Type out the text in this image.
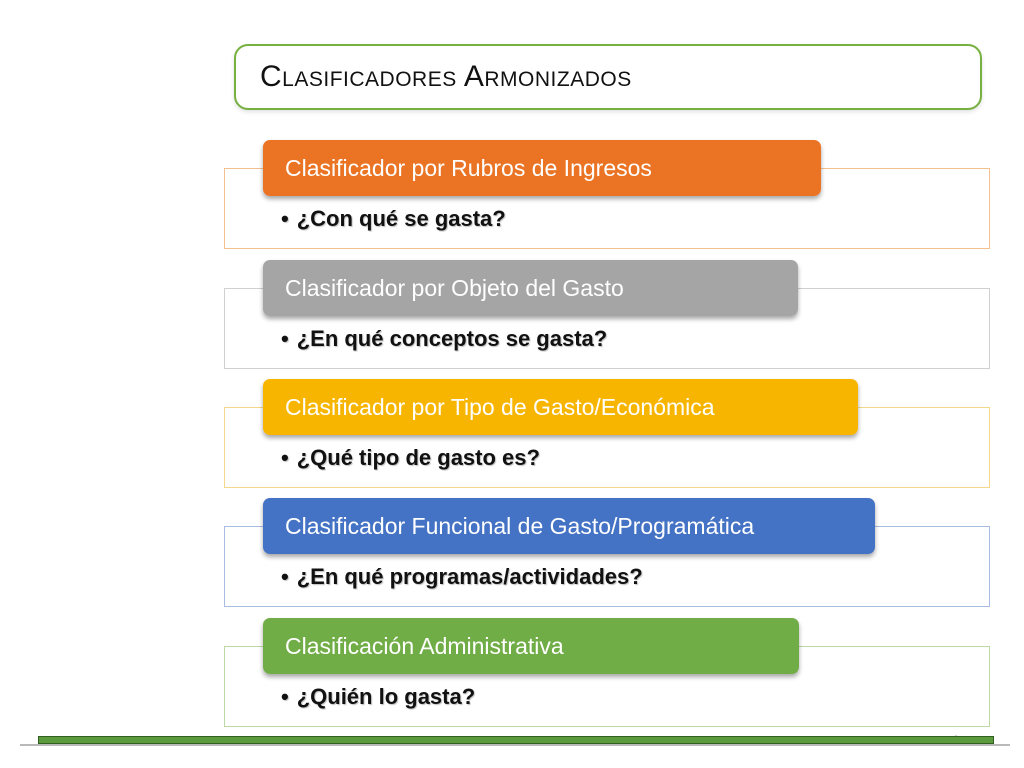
Clasificadores Armonizados
Clasificador por Rubros de Ingresos
• ¿Con qué se gasta?
Clasificador por Objeto del Gasto
• ¿En qué conceptos se gasta?
Clasificador por Tipo de Gasto/Económica
• ¿Qué tipo de gasto es?
Clasificador Funcional de Gasto/Programática
• ¿En qué programas/actividades?
Clasificación Administrativa
• ¿Quién lo gasta?
